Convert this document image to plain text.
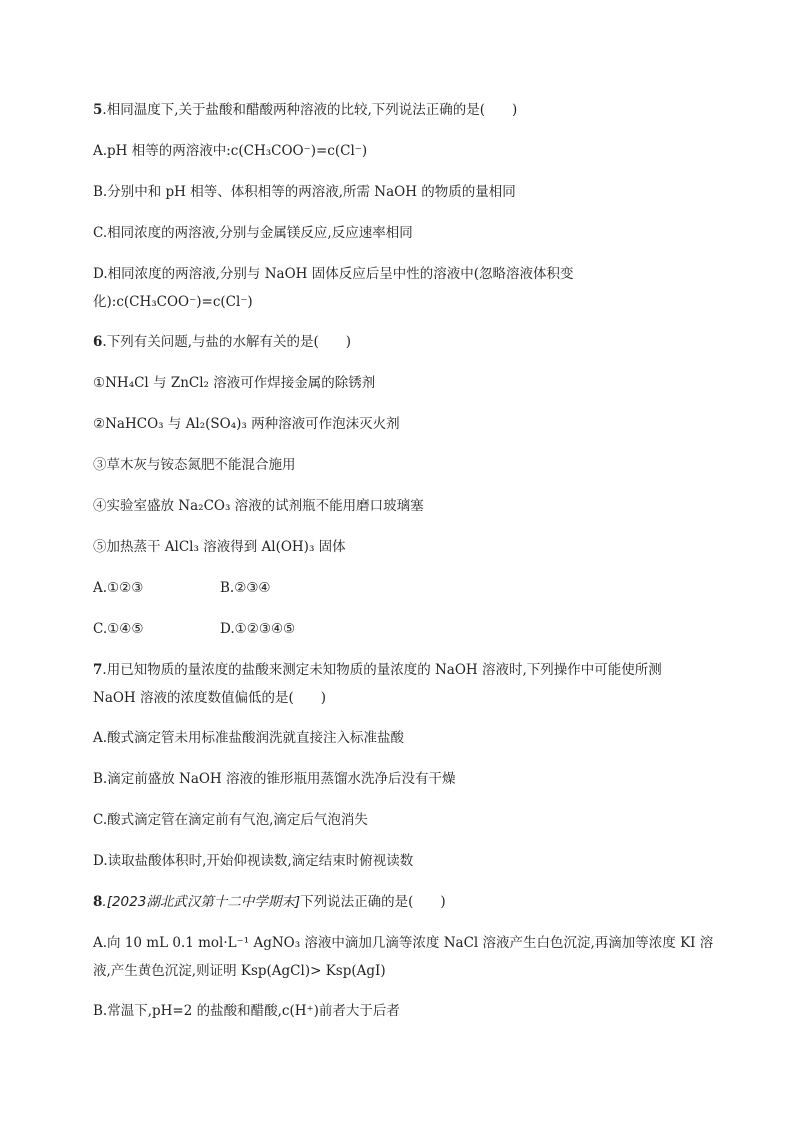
5.相同温度下,关于盐酸和醋酸两种溶液的比较,下列说法正确的是(　　)
A.pH 相等的两溶液中:c(CH₃COO⁻)=c(Cl⁻)
B.分别中和 pH 相等、体积相等的两溶液,所需 NaOH 的物质的量相同
C.相同浓度的两溶液,分别与金属镁反应,反应速率相同
D.相同浓度的两溶液,分别与 NaOH 固体反应后呈中性的溶液中(忽略溶液体积变
化):c(CH₃COO⁻)=c(Cl⁻)
6.下列有关问题,与盐的水解有关的是(　　)
①NH₄Cl 与 ZnCl₂ 溶液可作焊接金属的除锈剂
②NaHCO₃ 与 Al₂(SO₄)₃ 两种溶液可作泡沫灭火剂
③草木灰与铵态氮肥不能混合施用
④实验室盛放 Na₂CO₃ 溶液的试剂瓶不能用磨口玻璃塞
⑤加热蒸干 AlCl₃ 溶液得到 Al(OH)₃ 固体
A.①②③	B.②③④
C.①④⑤	D.①②③④⑤
7.用已知物质的量浓度的盐酸来测定未知物质的量浓度的 NaOH 溶液时,下列操作中可能使所测
NaOH 溶液的浓度数值偏低的是(　　)
A.酸式滴定管未用标准盐酸润洗就直接注入标准盐酸
B.滴定前盛放 NaOH 溶液的锥形瓶用蒸馏水洗净后没有干燥
C.酸式滴定管在滴定前有气泡,滴定后气泡消失
D.读取盐酸体积时,开始仰视读数,滴定结束时俯视读数
8.[2023湖北武汉第十二中学期末]下列说法正确的是(　　)
A.向 10 mL 0.1 mol·L⁻¹ AgNO₃ 溶液中滴加几滴等浓度 NaCl 溶液产生白色沉淀,再滴加等浓度 KI 溶
液,产生黄色沉淀,则证明 Ksp(AgCl)> Ksp(AgI)
B.常温下,pH=2 的盐酸和醋酸,c(H⁺)前者大于后者
